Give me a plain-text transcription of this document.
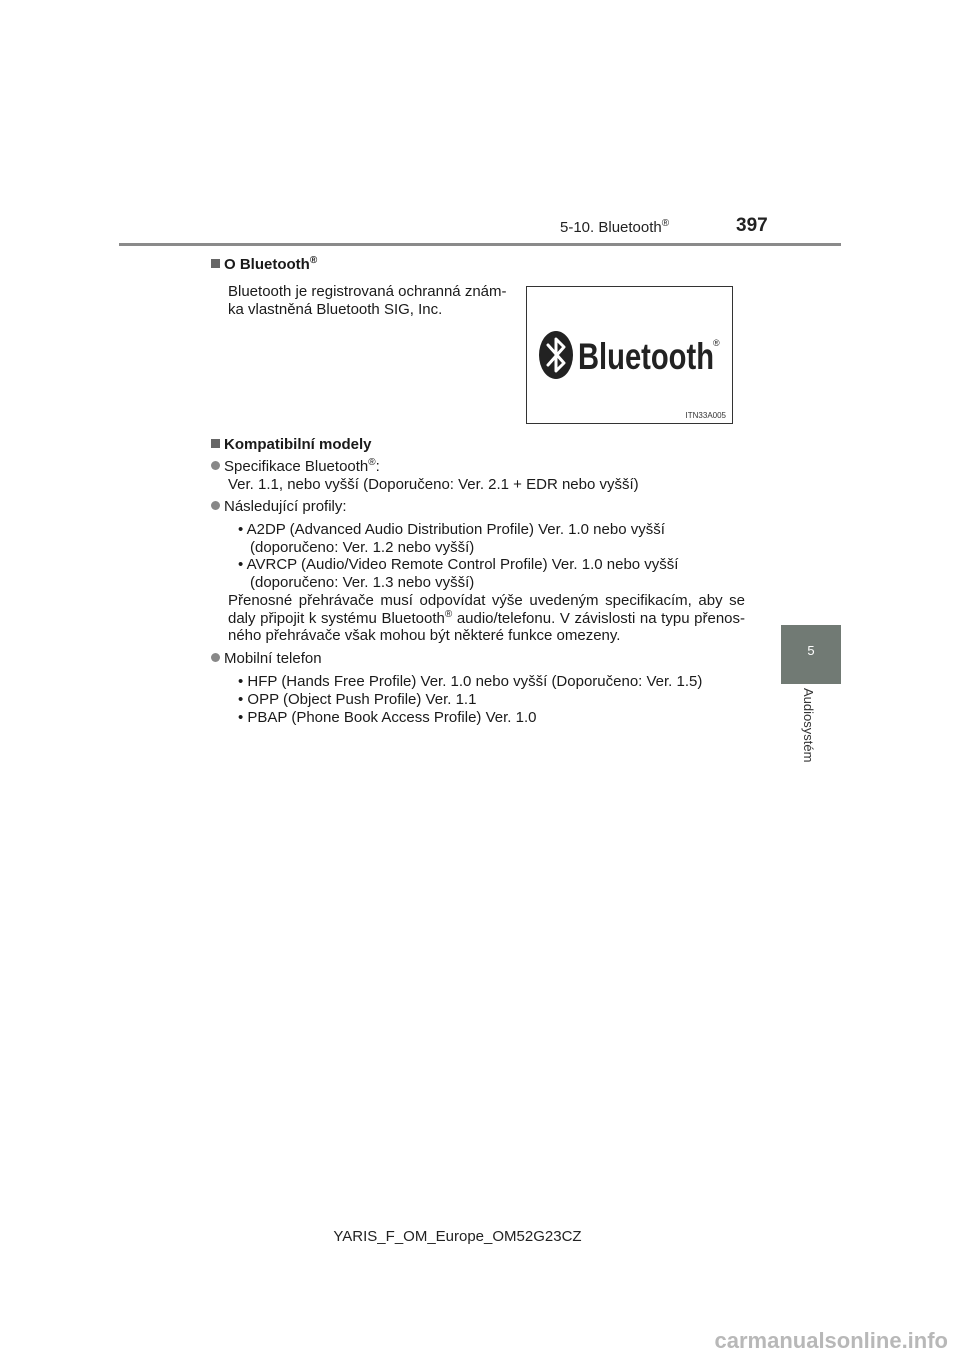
5-10. Bluetooth®	397
5
Audiosystém
O Bluetooth®
Bluetooth je registrovaná ochranná znám-
ka vlastněná Bluetooth SIG, Inc.
Bluetooth ®
ITN33A005
Kompatibilní modely
Specifikace Bluetooth®:
Ver. 1.1, nebo vyšší (Doporučeno: Ver. 2.1 + EDR nebo vyšší)
Následující profily:
• A2DP (Advanced Audio Distribution Profile) Ver. 1.0 nebo vyšší
(doporučeno: Ver. 1.2 nebo vyšší)
• AVRCP (Audio/Video Remote Control Profile) Ver. 1.0 nebo vyšší
(doporučeno: Ver. 1.3 nebo vyšší)
Přenosné přehrávače musí odpovídat výše uvedeným specifikacím, aby se
daly připojit k systému Bluetooth® audio/telefonu. V závislosti na typu přenos-
ného přehrávače však mohou být některé funkce omezeny.
Mobilní telefon
• HFP (Hands Free Profile) Ver. 1.0 nebo vyšší (Doporučeno: Ver. 1.5)
• OPP (Object Push Profile) Ver. 1.1
• PBAP (Phone Book Access Profile) Ver. 1.0
YARIS_F_OM_Europe_OM52G23CZ
carmanualsonline.info
